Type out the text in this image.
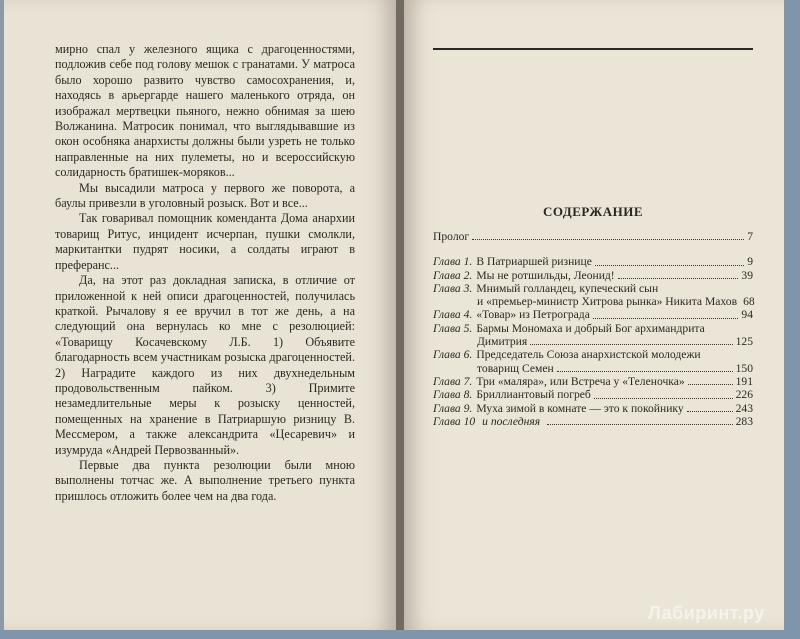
мирно спал у железного ящика с драгоценностями, подложив себе под голову мешок с гранатами. У матроса было хорошо развито чувство самосохранения, и, находясь в арьергарде нашего маленького отряда, он изображал мертвецки пьяного, нежно обнимая за шею Волжанина. Матросик понимал, что выглядывавшие из окон особняка анархисты должны были узреть не только направленные на них пулеметы, но и всероссийскую солидарность братишек-моряков...

Мы высадили матроса у первого же поворота, а баулы привезли в уголовный розыск. Вот и все...

Так говаривал помощник коменданта Дома анархии товарищ Ритус, инцидент исчерпан, пушки смолкли, маркитантки пудрят носики, а солдаты играют в преферанс...

Да, на этот раз докладная записка, в отличие от приложенной к ней описи драгоценностей, получилась краткой. Рычалову я ее вручил в тот же день, а на следующий она вернулась ко мне с резолюцией: «Товарищу Косачевскому Л.Б. 1) Объявите благодарность всем участникам розыска драгоценностей. 2) Наградите каждого из них двухнедельным продовольственным пайком. 3) Примите незамедлительные меры к розыску ценностей, помещенных на хранение в Патриаршую ризницу В. Мессмером, а также александрита «Цесаревич» и изумруда «Андрей Первозванный».

Первые два пункта резолюции были мною выполнены тотчас же. А выполнение третьего пункта пришлось отложить более чем на два года.

СОДЕРЖАНИЕ
Пролог	7
Глава 1. В Патриаршей ризнице	9
Глава 2. Мы не ротшильды, Леонид!	39
Глава 3. Мнимый голландец, купеческий сын
и «премьер-министр Хитрова рынка» Никита Махов 68
Глава 4. «Товар» из Петрограда	94
Глава 5. Бармы Мономаха и добрый Бог архимандрита
Димитрия	125
Глава 6. Председатель Союза анархистской молодежи
товарищ Семен	150
Глава 7. Три «маляра», или Встреча у «Теленочка»	191
Глава 8. Бриллиантовый погреб	226
Глава 9. Муха зимой в комнате — это к покойнику	243
Глава 10 и последняя	283
Лабиринт.ру
